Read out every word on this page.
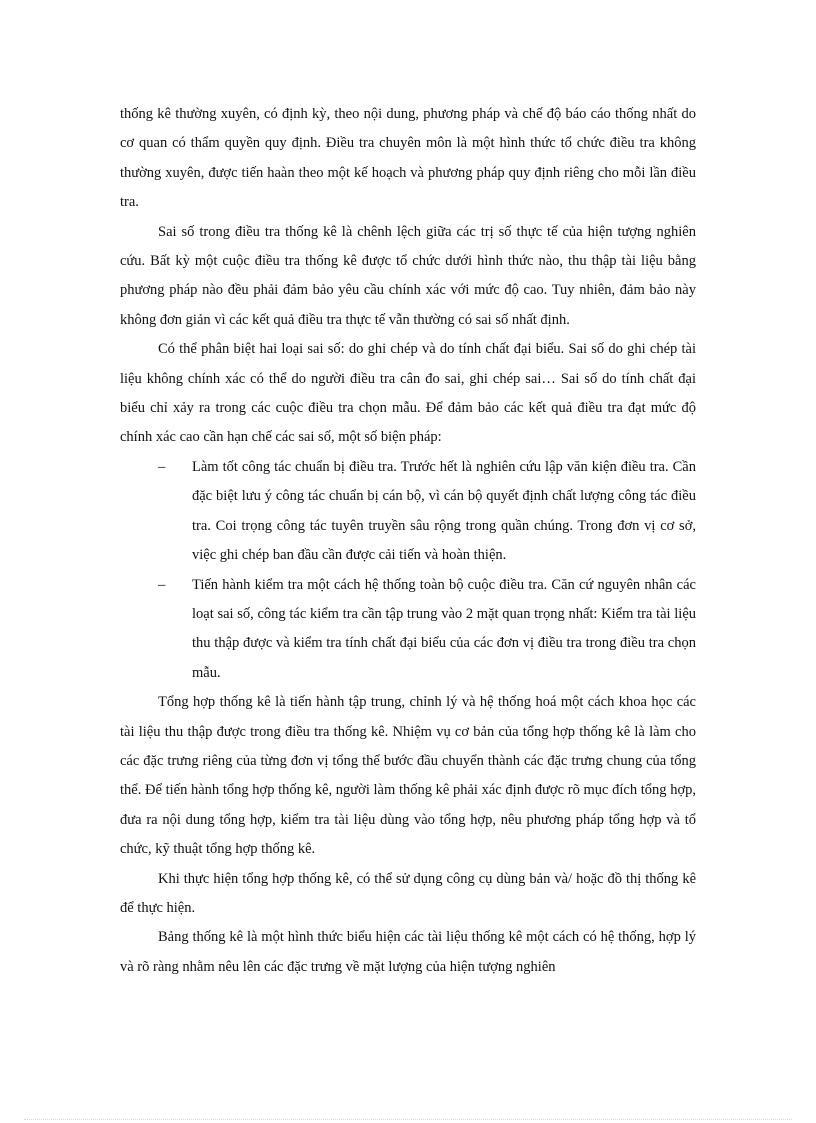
thống kê thường xuyên, có định kỳ, theo nội dung, phương pháp và chế độ báo cáo thống nhất do cơ quan có thẩm quyền quy định. Điều tra chuyên môn là một hình thức tổ chức điều tra không thường xuyên, được tiến haàn theo một kế hoạch và phương pháp quy định riêng cho mỗi lần điều tra.

Sai số trong điều tra thống kê là chênh lệch giữa các trị số thực tế của hiện tượng nghiên cứu. Bất kỳ một cuộc điều tra thống kê được tổ chức dưới hình thức nào, thu thập tài liệu bằng phương pháp nào đều phải đảm bảo yêu cầu chính xác với mức độ cao. Tuy nhiên, đảm bảo này không đơn giản vì các kết quả điều tra thực tế vẫn thường có sai số nhất định.

Có thể phân biệt hai loại sai số: do ghi chép và do tính chất đại biểu. Sai số do ghi chép tài liệu không chính xác có thể do người điều tra cân đo sai, ghi chép sai… Sai số do tính chất đại biểu chỉ xảy ra trong các cuộc điều tra chọn mẫu. Để đảm bảo các kết quả điều tra đạt mức độ chính xác cao cần hạn chế các sai số, một số biện pháp:

– Làm tốt công tác chuẩn bị điều tra. Trước hết là nghiên cứu lập văn kiện điều tra. Cần đặc biệt lưu ý công tác chuẩn bị cán bộ, vì cán bộ quyết định chất lượng công tác điều tra. Coi trọng công tác tuyên truyền sâu rộng trong quần chúng. Trong đơn vị cơ sở, việc ghi chép ban đầu cần được cải tiến và hoàn thiện.
– Tiến hành kiểm tra một cách hệ thống toàn bộ cuộc điều tra. Căn cứ nguyên nhân các loạt sai số, công tác kiểm tra cần tập trung vào 2 mặt quan trọng nhất: Kiểm tra tài liệu thu thập được và kiểm tra tính chất đại biểu của các đơn vị điều tra trong điều tra chọn mẫu.

Tổng hợp thống kê là tiến hành tập trung, chỉnh lý và hệ thống hoá một cách khoa học các tài liệu thu thập được trong điều tra thống kê. Nhiệm vụ cơ bản của tổng hợp thống kê là làm cho các đặc trưng riêng của từng đơn vị tổng thể bước đầu chuyển thành các đặc trưng chung của tổng thể. Để tiến hành tổng hợp thống kê, người làm thống kê phải xác định được rõ mục đích tổng hợp, đưa ra nội dung tổng hợp, kiểm tra tài liệu dùng vào tổng hợp, nêu phương pháp tổng hợp và tổ chức, kỹ thuật tổng hợp thống kê.

Khi thực hiện tổng hợp thống kê, có thể sử dụng công cụ dùng bản và/ hoặc đồ thị thống kê để thực hiện.

Bảng thống kê là một hình thức biểu hiện các tài liệu thống kê một cách có hệ thống, hợp lý và rõ ràng nhằm nêu lên các đặc trưng về mặt lượng của hiện tượng nghiên
